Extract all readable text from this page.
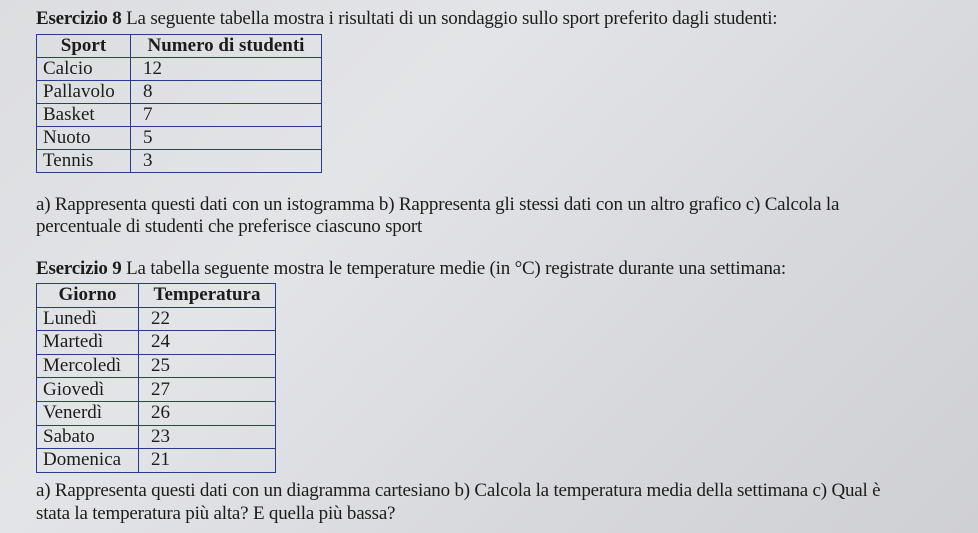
Esercizio 8 La seguente tabella mostra i risultati di un sondaggio sullo sport preferito dagli studenti:
Sport	Numero di studenti
Calcio	12
Pallavolo	8
Basket	7
Nuoto	5
Tennis	3
a) Rappresenta questi dati con un istogramma b) Rappresenta gli stessi dati con un altro grafico c) Calcola la
percentuale di studenti che preferisce ciascuno sport
Esercizio 9 La tabella seguente mostra le temperature medie (in °C) registrate durante una settimana:
Giorno	Temperatura
Lunedì	22
Martedì	24
Mercoledì	25
Giovedì	27
Venerdì	26
Sabato	23
Domenica	21
a) Rappresenta questi dati con un diagramma cartesiano b) Calcola la temperatura media della settimana c) Qual è
stata la temperatura più alta? E quella più bassa?
